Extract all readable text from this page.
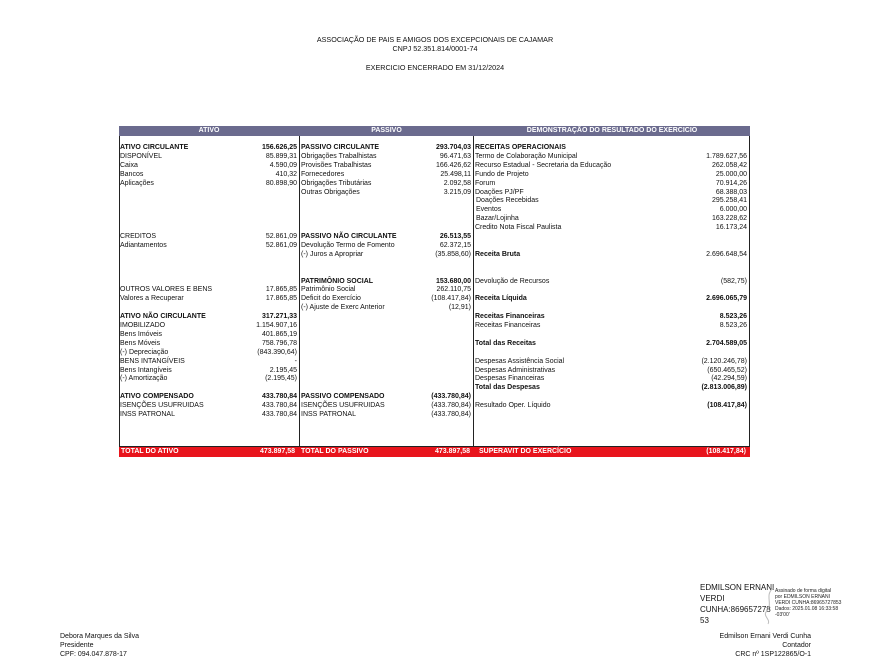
ASSOCIAÇÃO DE PAIS E AMIGOS DOS EXCEPCIONAIS DE CAJAMAR
CNPJ 52.351.814/0001-74
EXERCICIO ENCERRADO EM 31/12/2024
ATIVO	PASSIVO	DEMONSTRAÇÃO DO RESULTADO DO EXERCICIO
ATIVO CIRCULANTE	156.626,25
DISPONÍVEL	85.899,31
Caixa	4.590,09
Bancos	410,32
Aplicações	80.898,90
CREDITOS	52.861,09
Adiantamentos	52.861,09
OUTROS VALORES E BENS	17.865,85
Valores a Recuperar	17.865,85
ATIVO NÃO CIRCULANTE	317.271,33
IMOBILIZADO	1.154.907,16
Bens Imóveis	401.865,19
Bens Móveis	758.796,78
(-) Depreciação	(843.390,64)
BENS INTANGÍVEIS	-
Bens Intangíveis	2.195,45
(-) Amortização	(2.195,45)
ATIVO COMPENSADO	433.780,84
ISENÇÕES USUFRUIDAS	433.780,84
INSS PATRONAL	433.780,84
PASSIVO CIRCULANTE	293.704,03
Obrigações Trabalhistas	96.471,63
Provisões Trabalhistas	166.426,62
Fornecedores	25.498,11
Obrigações Tributárias	2.092,58
Outras Obrigações	3.215,09
PASSIVO NÃO CIRCULANTE	26.513,55
Devolução Termo de Fomento	62.372,15
(-) Juros a Apropriar	(35.858,60)
PATRIMÔNIO SOCIAL	153.680,00
Patrimônio Social	262.110,75
Deficit do Exercício	(108.417,84)
(-) Ajuste de Exerc Anterior	(12,91)
PASSIVO COMPENSADO	(433.780,84)
ISENÇÕES USUFRUIDAS	(433.780,84)
INSS PATRONAL	(433.780,84)
RECEITAS OPERACIONAIS
Termo de Colaboração Municipal	1.789.627,56
Recurso Estadual - Secretaria da Educação	262.058,42
Fundo de Projeto	25.000,00
Forum	70.914,26
Doações PJ/PF	68.388,03
Doações Recebidas	295.258,41
Eventos	6.000,00
Bazar/Lojinha	163.228,62
Credito Nota Fiscal Paulista	16.173,24
Receita Bruta	2.696.648,54
Devolução de Recursos	(582,75)
Receita Líquida	2.696.065,79
Receitas Financeiras	8.523,26
Receitas Financeiras	8.523,26
Total das Receitas	2.704.589,05
Despesas Assistência Social	(2.120.246,78)
Despesas Administrativas	(650.465,52)
Despesas Financeiras	(42.294,59)
Total das Despesas	(2.813.006,89)
Resultado Oper. Líquido	(108.417,84)
TOTAL DO ATIVO	473.897,58 TOTAL DO PASSIVO	473.897,58 SUPERAVIT DO EXERCÍCIO	(108.417,84)
EDMILSON ERNANI
VERDI
CUNHA:869657278
53
Assinado de forma digital
por EDMILSON ERNANI
VERDI CUNHA:86965727853
Dados: 2025.01.08 16:33:58
-03'00'
Debora Marques da Silva
Presidente
CPF: 094.047.878-17
Edmilson Ernani Verdi Cunha
Contador
CRC nº 1SP122865/O-1
